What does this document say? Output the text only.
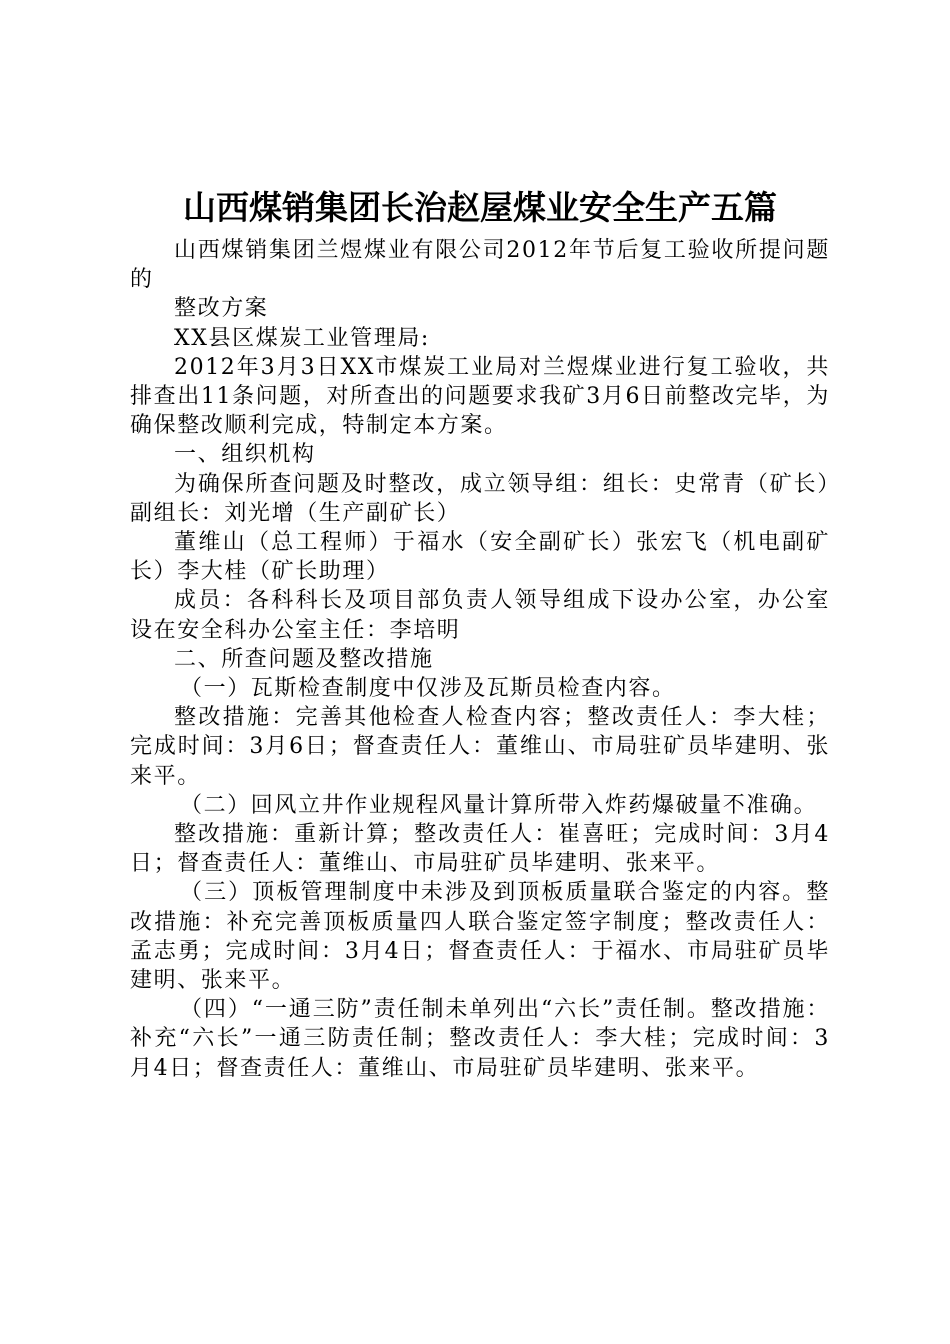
山西煤销集团长治赵屋煤业安全生产五篇

山西煤销集团兰煜煤业有限公司2012年节后复工验收所提问题的

整改方案

XX县区煤炭工业管理局:

2012年3月3日XX市煤炭工业局对兰煜煤业进行复工验收，共排查出11条问题，对所查出的问题要求我矿3月6日前整改完毕，为确保整改顺利完成，特制定本方案。

一、组织机构

为确保所查问题及时整改，成立领导组：组长：史常青（矿长）副组长：刘光增（生产副矿长）

董维山（总工程师）于福水（安全副矿长）张宏飞（机电副矿长）李大桂（矿长助理）

成员：各科科长及项目部负责人领导组成下设办公室，办公室设在安全科办公室主任：李培明

二、所查问题及整改措施

（一）瓦斯检查制度中仅涉及瓦斯员检查内容。

整改措施：完善其他检查人检查内容；整改责任人：李大桂；完成时间：3月6日；督查责任人：董维山、市局驻矿员毕建明、张来平。

（二）回风立井作业规程风量计算所带入炸药爆破量不准确。

整改措施：重新计算；整改责任人：崔喜旺；完成时间：3月4日；督查责任人：董维山、市局驻矿员毕建明、张来平。

（三）顶板管理制度中未涉及到顶板质量联合鉴定的内容。整改措施：补充完善顶板质量四人联合鉴定签字制度；整改责任人：孟志勇；完成时间：3月4日；督查责任人：于福水、市局驻矿员毕建明、张来平。

（四）“一通三防”责任制未单列出“六长”责任制。整改措施：补充“六长”一通三防责任制；整改责任人：李大桂；完成时间：3月4日；督查责任人：董维山、市局驻矿员毕建明、张来平。
